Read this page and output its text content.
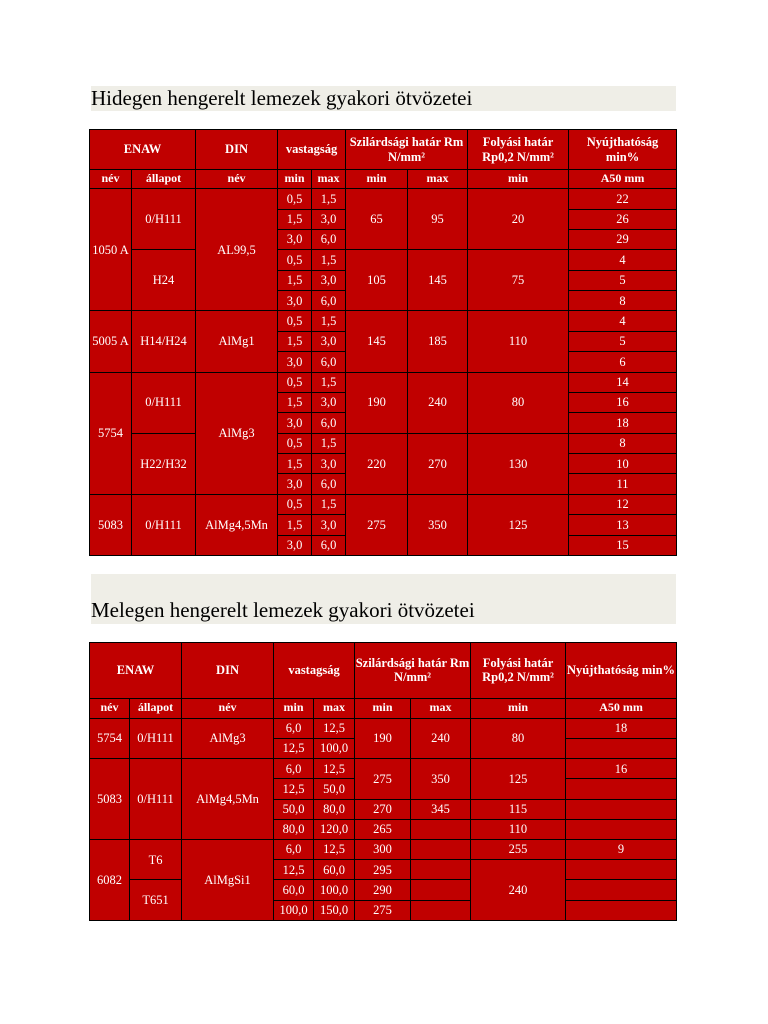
Hidegen hengerelt lemezek gyakori ötvözetei
ENAW		DIN	vastagság		Szilárdsági határ Rm N/mm²		Folyási határ Rp0,2 N/mm²	Nyújthatóság min%
név	állapot	név	min	max	min	max	min	A50 mm
1050 A	0/H111	AL99,5	0,5	1,5	65	95	20	22
			1,5	3,0				26
			3,0	6,0				29
	H24		0,5	1,5	105	145	75	4
			1,5	3,0				5
			3,0	6,0				8
5005 A	H14/H24	AlMg1	0,5	1,5	145	185	110	4
			1,5	3,0				5
			3,0	6,0				6
5754	0/H111	AlMg3	0,5	1,5	190	240	80	14
			1,5	3,0				16
			3,0	6,0				18
	H22/H32		0,5	1,5	220	270	130	8
			1,5	3,0				10
			3,0	6,0				11
5083	0/H111	AlMg4,5Mn	0,5	1,5	275	350	125	12
			1,5	3,0				13
			3,0	6,0				15
Melegen hengerelt lemezek gyakori ötvözetei
ENAW		DIN	vastagság		Szilárdsági határ Rm N/mm²		Folyási határ Rp0,2 N/mm²	Nyújthatóság min%
név	állapot	név	min	max	min	max	min	A50 mm
5754	0/H111	AlMg3	6,0	12,5	190	240	80	18
			12,5	100,0				
5083	0/H111	AlMg4,5Mn	6,0	12,5	275	350	125	16
			12,5	50,0				
			50,0	80,0	270	345	115	
			80,0	120,0	265		110	
6082	T6	AlMgSi1	6,0	12,5	300		255	9
			12,5	60,0	295		240	
	T651		60,0	100,0	290			
			100,0	150,0	275			
